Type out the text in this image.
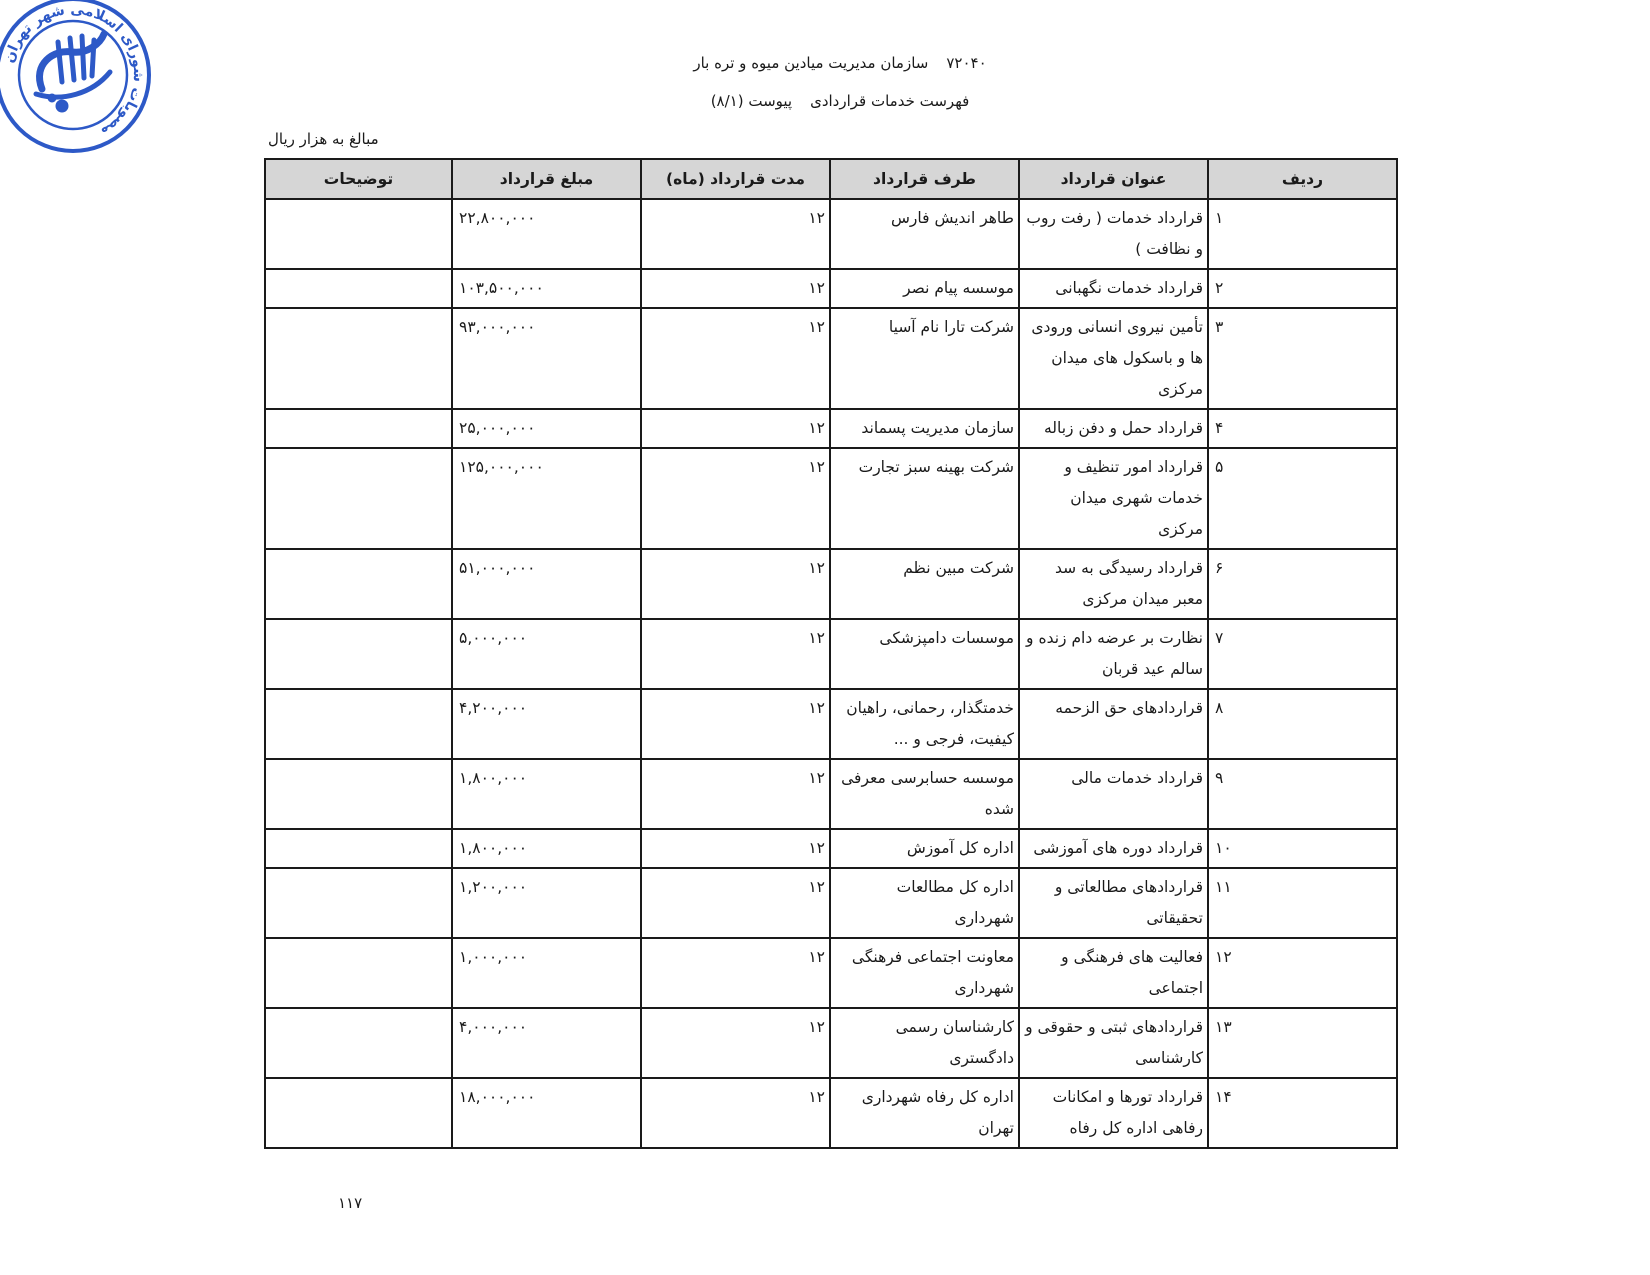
مصوبات شورای اسلامی شهر تهران
۷۲۰۴۰سازمان مدیریت میادین میوه و تره بار
فهرست خدمات قراردادیپیوست (۸/۱)
مبالغ به هزار ریال
ردیف	عنوان قرارداد	طرف قرارداد	مدت قرارداد (ماه)	مبلغ قرارداد	توضیحات
۱	قرارداد خدمات ( رفت روب و نظافت )	طاهر اندیش فارس	۱۲	۲۲,۸۰۰,۰۰۰	
۲	قرارداد خدمات نگهبانی	موسسه پیام نصر	۱۲	۱۰۳,۵۰۰,۰۰۰	
۳	تأمین نیروی انسانی ورودی ها و باسکول های میدان مرکزی	شرکت تارا نام آسیا	۱۲	۹۳,۰۰۰,۰۰۰	
۴	قرارداد حمل و دفن زباله	سازمان مدیریت پسماند	۱۲	۲۵,۰۰۰,۰۰۰	
۵	قرارداد امور تنظیف و خدمات شهری میدان مرکزی	شرکت بهینه سبز تجارت	۱۲	۱۲۵,۰۰۰,۰۰۰	
۶	قرارداد رسیدگی به سد معبر میدان مرکزی	شرکت مبین نظم	۱۲	۵۱,۰۰۰,۰۰۰	
۷	نظارت بر عرضه دام زنده و سالم عید قربان	موسسات دامپزشکی	۱۲	۵,۰۰۰,۰۰۰	
۸	قراردادهای حق الزحمه	خدمتگذار، رحمانی، راهیان کیفیت، فرجی و ...	۱۲	۴,۲۰۰,۰۰۰	
۹	قرارداد خدمات مالی	موسسه حسابرسی معرفی شده	۱۲	۱,۸۰۰,۰۰۰	
۱۰	قرارداد دوره های آموزشی	اداره کل آموزش	۱۲	۱,۸۰۰,۰۰۰	
۱۱	قراردادهای مطالعاتی و تحقیقاتی	اداره کل مطالعات شهرداری	۱۲	۱,۲۰۰,۰۰۰	
۱۲	فعالیت های فرهنگی و اجتماعی	معاونت اجتماعی فرهنگی شهرداری	۱۲	۱,۰۰۰,۰۰۰	
۱۳	قراردادهای ثبتی و حقوقی و کارشناسی	کارشناسان رسمی دادگستری	۱۲	۴,۰۰۰,۰۰۰	
۱۴	قرارداد تورها و امکانات رفاهی اداره کل رفاه	اداره کل رفاه شهرداری تهران	۱۲	۱۸,۰۰۰,۰۰۰	
۱۱۷
